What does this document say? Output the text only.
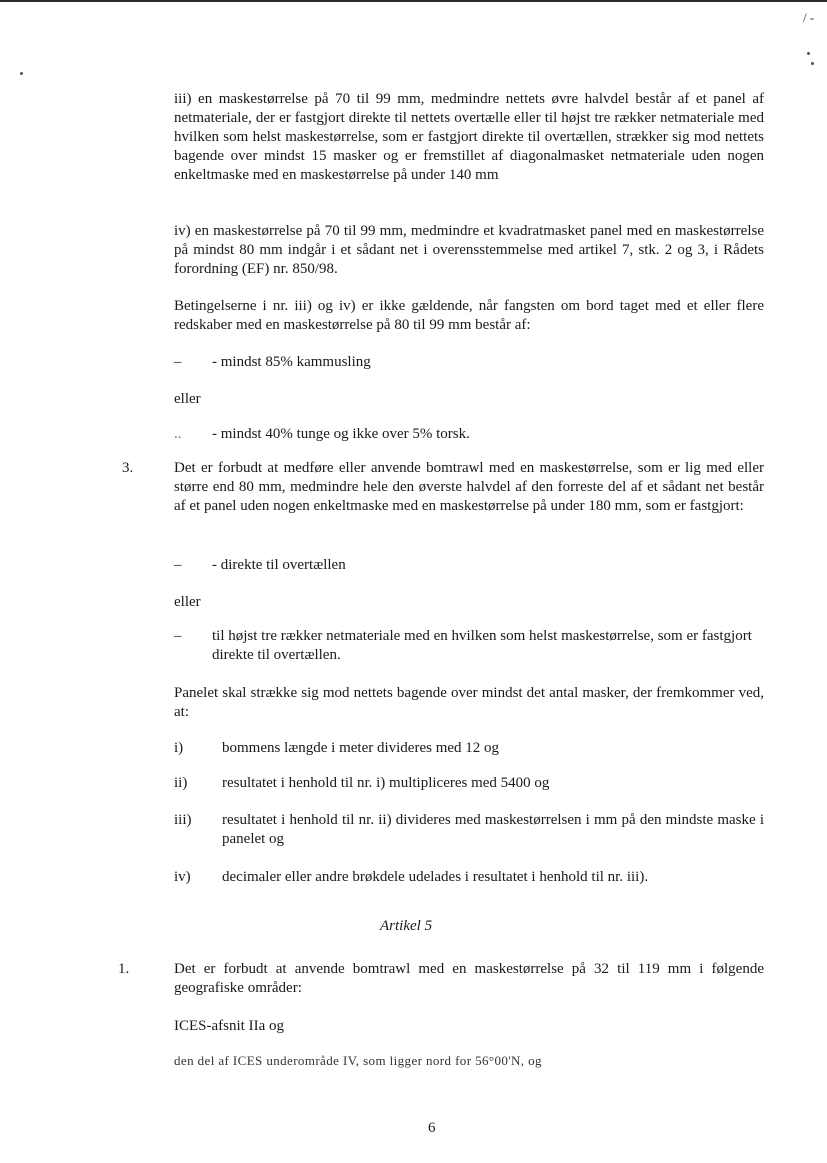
/ -
iii) en maskestørrelse på 70 til 99 mm, medmindre nettets øvre halvdel består af et panel af netmateriale, der er fastgjort direkte til nettets overtælle eller til højst tre rækker netmateriale med hvilken som helst maskestørrelse, som er fastgjort direkte til overtællen, strækker sig mod nettets bagende over mindst 15 masker og er fremstillet af diagonalmasket netmateriale uden nogen enkeltmaske med en maskestørrelse på under 140 mm
iv) en maskestørrelse på 70 til 99 mm, medmindre et kvadratmasket panel med en maskestørrelse på mindst 80 mm indgår i et sådant net i overensstemmelse med artikel 7, stk. 2 og 3, i Rådets forordning (EF) nr. 850/98.
Betingelserne i nr. iii) og iv) er ikke gældende, når fangsten om bord taget med et eller flere redskaber med en maskestørrelse på 80 til 99 mm består af:
– - mindst 85% kammusling
eller
.. - mindst 40% tunge og ikke over 5% torsk.
3.	Det er forbudt at medføre eller anvende bomtrawl med en maskestørrelse, som er lig med eller større end 80 mm, medmindre hele den øverste halvdel af den forreste del af et sådant net består af et panel uden nogen enkeltmaske med en maskestørrelse på under 180 mm, som er fastgjort:
– - direkte til overtællen
eller
– til højst tre rækker netmateriale med en hvilken som helst maskestørrelse, som er fastgjort direkte til overtællen.
Panelet skal strække sig mod nettets bagende over mindst det antal masker, der fremkommer ved, at:
i)	bommens længde i meter divideres med 12 og
ii)	resultatet i henhold til nr. i) multipliceres med 5400 og
iii)	resultatet i henhold til nr. ii) divideres med maskestørrelsen i mm på den mindste maske i panelet og
iv)	decimaler eller andre brøkdele udelades i resultatet i henhold til nr. iii).
Artikel 5
1.	Det er forbudt at anvende bomtrawl med en maskestørrelse på 32 til 119 mm i følgende geografiske områder:
ICES-afsnit IIa og
den del af ICES underområde IV, som ligger nord for 56°00'N, og
6
